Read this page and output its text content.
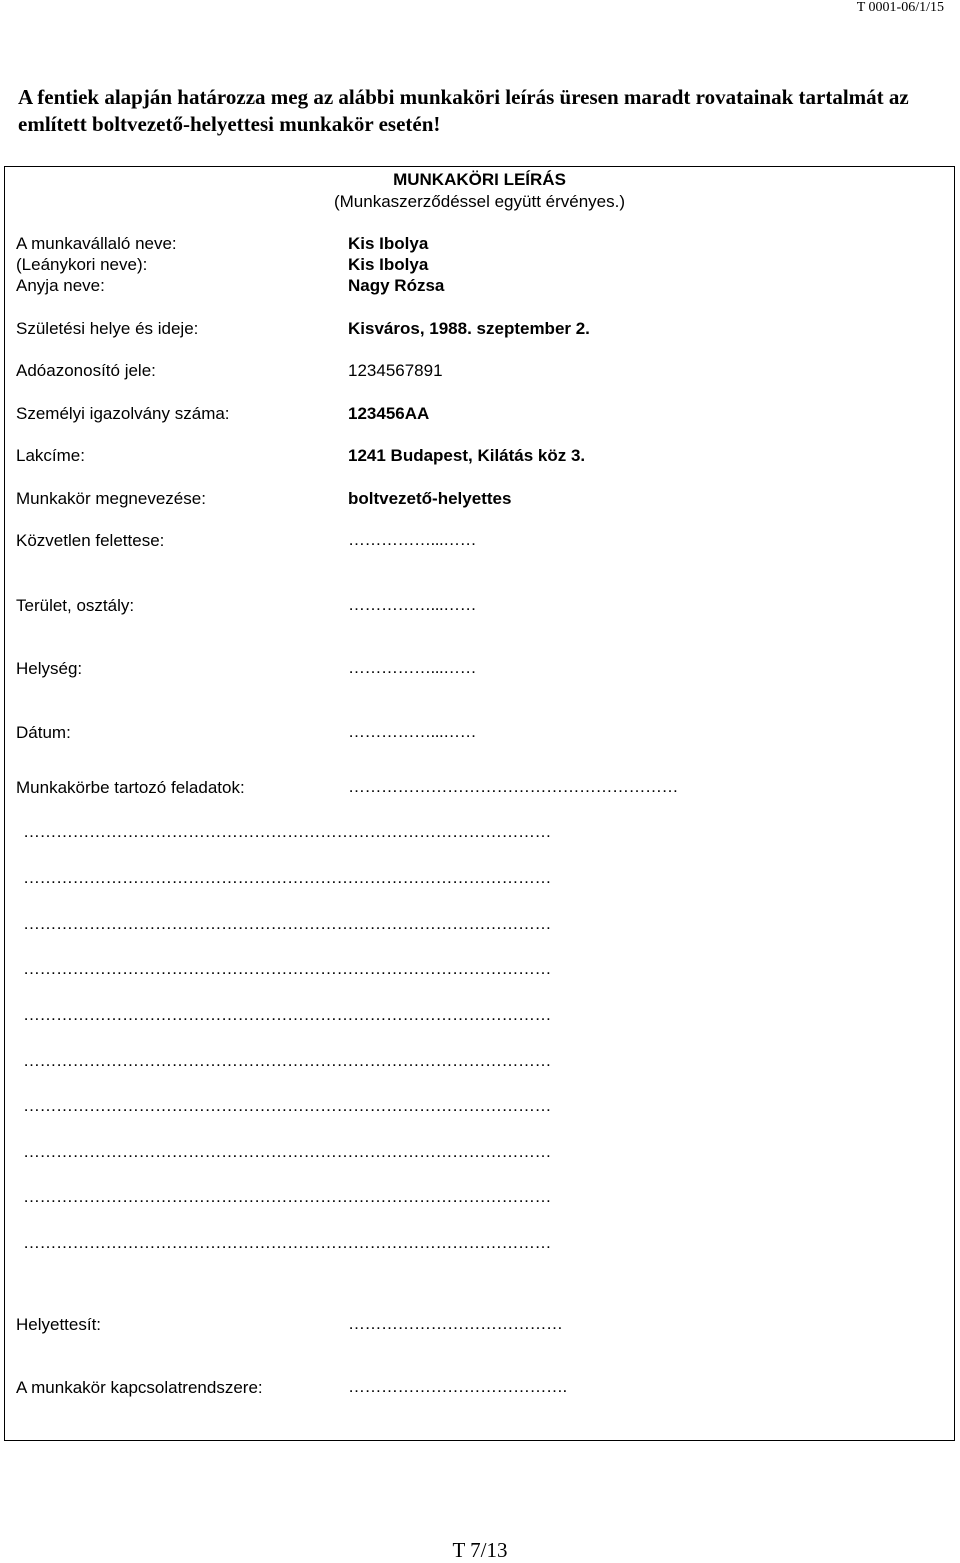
T 0001-06/1/15
A fentiek alapján határozza meg az alábbi munkaköri leírás üresen maradt rovatainak tartalmát az említett boltvezető-helyettesi munkakör esetén!
MUNKAKÖRI LEÍRÁS
(Munkaszerződéssel együtt érvényes.)
A munkavállaló neve:	Kis Ibolya
(Leánykori neve):	Kis Ibolya
Anyja neve:	Nagy Rózsa
Születési helye és ideje:	Kisváros, 1988. szeptember 2.
Adóazonosító jele:	1234567891
Személyi igazolvány száma:	123456AA
Lakcíme:	1241 Budapest, Kilátás köz 3.
Munkakör megnevezése:	boltvezető-helyettes
Közvetlen felettese:	……………...……
Terület, osztály:	……………...……
Helység:	……………...……
Dátum:	……………...……
Munkakörbe tartozó feladatok:	……………………………………………………
……………………………………………………………………………………
……………………………………………………………………………………
……………………………………………………………………………………
……………………………………………………………………………………
……………………………………………………………………………………
……………………………………………………………………………………
……………………………………………………………………………………
……………………………………………………………………………………
……………………………………………………………………………………
……………………………………………………………………………………
Helyettesít:	…………………………………
A munkakör kapcsolatrendszere:	………………………………….
T 7/13
